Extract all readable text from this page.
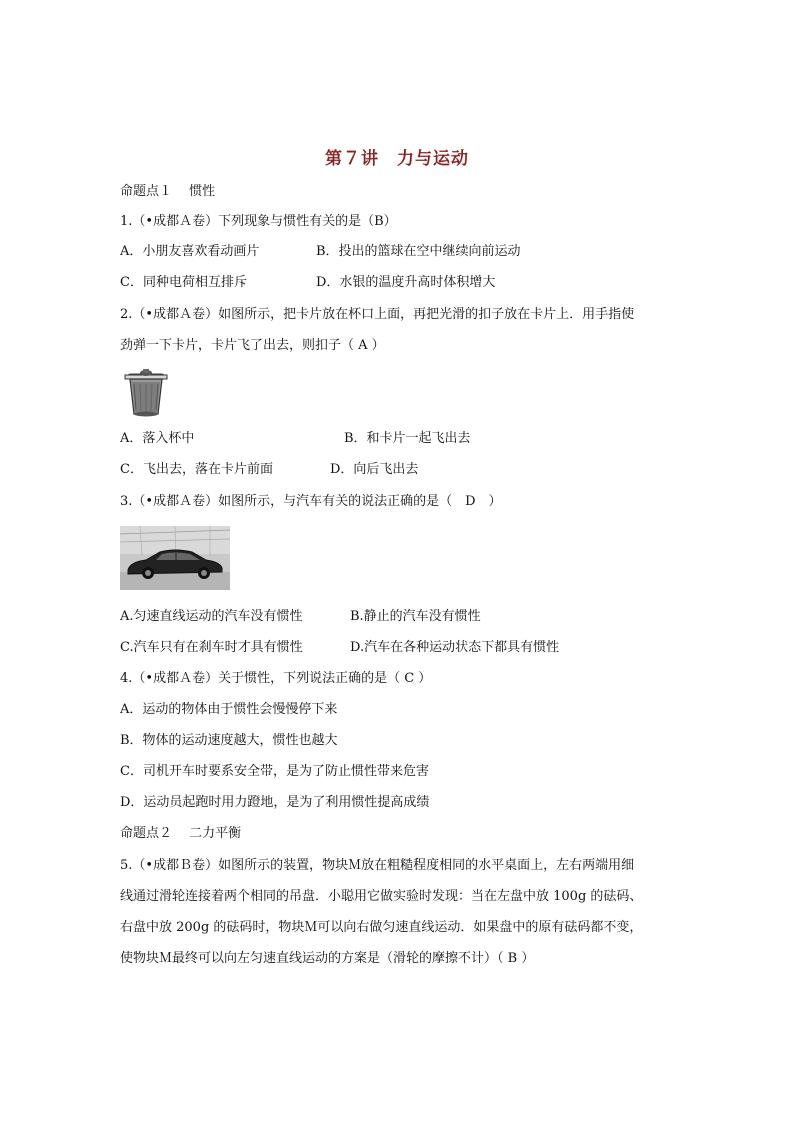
第７讲　力与运动
命题点１　 惯性
1.（•成都Ａ卷）下列现象与惯性有关的是（B）
A．小朋友喜欢看动画片	B．投出的篮球在空中继续向前运动
C．同种电荷相互排斥	D．水银的温度升高时体积增大
2.（•成都Ａ卷）如图所示，把卡片放在杯口上面，再把光滑的扣子放在卡片上．用手指使
劲弹一下卡片，卡片飞了出去，则扣子（ A ）
A．落入杯中	B．和卡片一起飞出去
C．飞出去，落在卡片前面	D．向后飞出去
3.（•成都Ａ卷）如图所示，与汽车有关的说法正确的是（　D　）
A.匀速直线运动的汽车没有惯性	B.静止的汽车没有惯性
C.汽车只有在刹车时才具有惯性	D.汽车在各种运动状态下都具有惯性
4.（•成都Ａ卷）关于惯性，下列说法正确的是（ C ）
A．运动的物体由于惯性会慢慢停下来
B．物体的运动速度越大，惯性也越大
C．司机开车时要系安全带，是为了防止惯性带来危害
D．运动员起跑时用力蹬地，是为了利用惯性提高成绩
命题点２　 二力平衡
5.（•成都Ｂ卷）如图所示的装置，物块Ｍ放在粗糙程度相同的水平桌面上，左右两端用细
线通过滑轮连接着两个相同的吊盘．小聪用它做实验时发现：当在左盘中放 100g 的砝码、
右盘中放 200g 的砝码时，物块Ｍ可以向右做匀速直线运动．如果盘中的原有砝码都不变，
使物块Ｍ最终可以向左匀速直线运动的方案是（滑轮的摩擦不计）（ B ）
